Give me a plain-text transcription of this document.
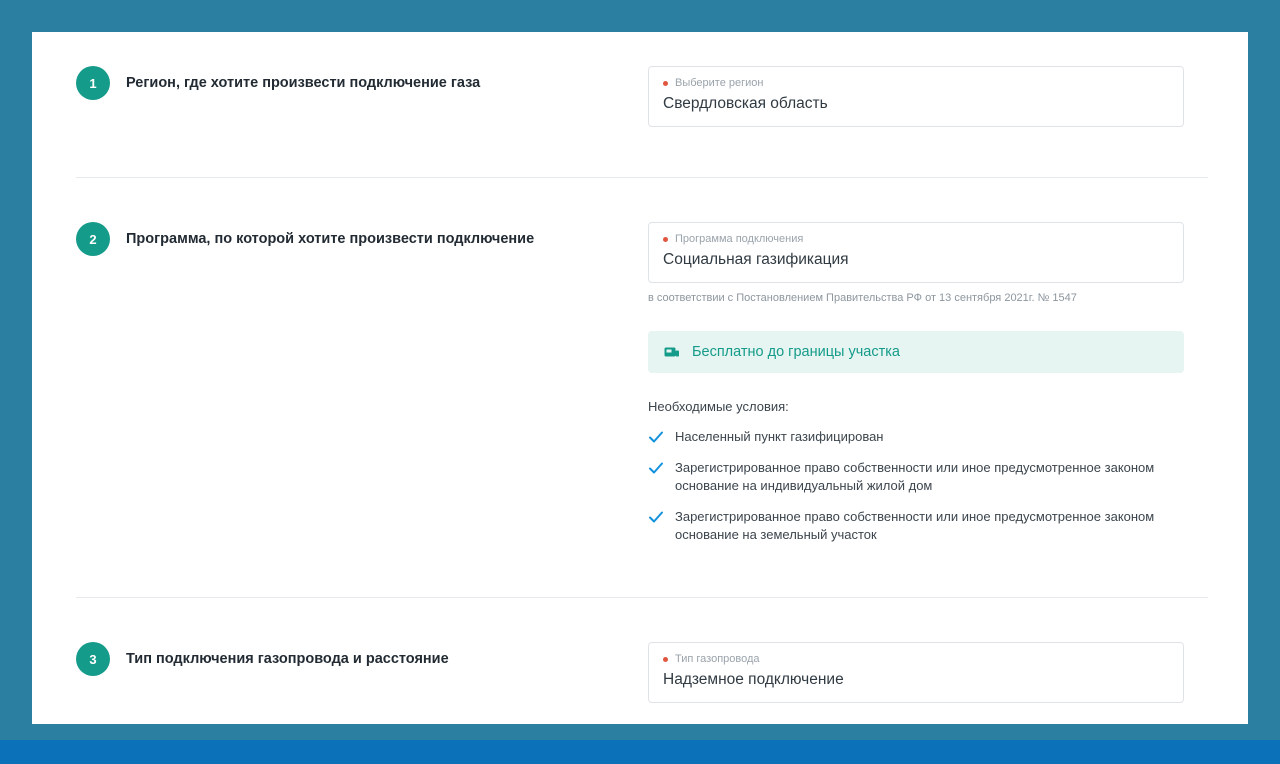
1	Регион, где хотите произвести подключение газа	Выберите регион
Свердловская область
2	Программа, по которой хотите произвести подключение	Программа подключения
Социальная газификация
в соответствии с Постановлением Правительства РФ от 13 сентября 2021г. № 1547
Бесплатно до границы участка
Необходимые условия:
Населенный пункт газифицирован
Зарегистрированное право собственности или иное предусмотренное законом основание на индивидуальный жилой дом
Зарегистрированное право собственности или иное предусмотренное законом основание на земельный участок
3	Тип подключения газопровода и расстояние	Тип газопровода
Надземное подключение
